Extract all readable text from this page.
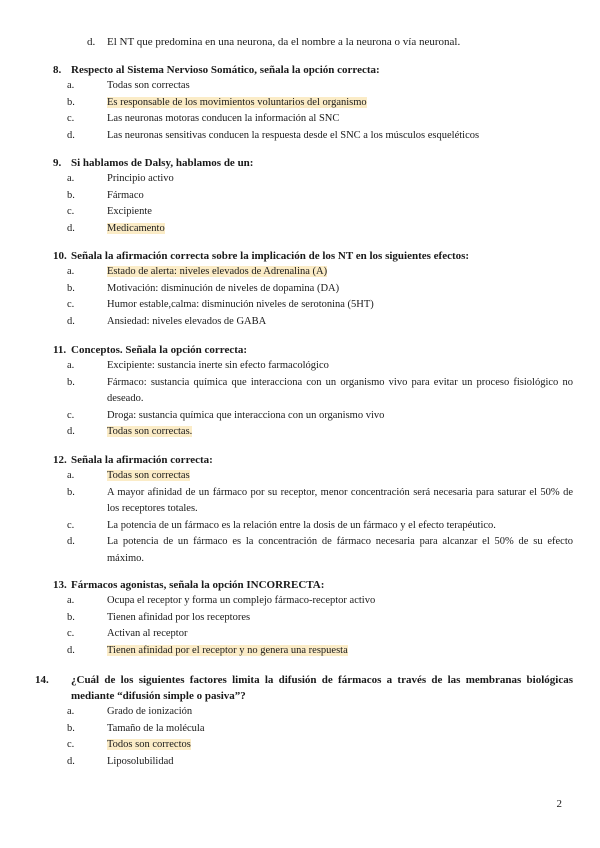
d. El NT que predomina en una neurona, da el nombre a la neurona o vía neuronal.
8. Respecto al Sistema Nervioso Somático, señala la opción correcta:
a.	Todas son correctas
b.	Es responsable de los movimientos voluntarios del organismo
c.	Las neuronas motoras conducen la información al SNC
d.	Las neuronas sensitivas conducen la respuesta desde el SNC a los músculos esqueléticos
9. Si hablamos de Dalsy, hablamos de un:
a.	Principio activo
b.	Fármaco
c.	Excipiente
d.	Medicamento
10. Señala la afirmación correcta sobre la implicación de los NT en los siguientes efectos:
a.	Estado de alerta: niveles elevados de Adrenalina (A)
b.	Motivación: disminución de niveles de dopamina (DA)
c.	Humor estable,calma: disminución niveles de serotonina (5HT)
d.	Ansiedad: niveles elevados de GABA
11. Conceptos. Señala la opción correcta:
a.	Excipiente: sustancia inerte sin efecto farmacológico
b.	Fármaco: sustancia química que interacciona con un organismo vivo para evitar un proceso fisiológico no deseado.
c.	Droga: sustancia química que interacciona con un organismo vivo
d.	Todas son correctas.
12. Señala la afirmación correcta:
a.	Todas son correctas
b.	A mayor afinidad de un fármaco por su receptor, menor concentración será necesaria para saturar el 50% de los receptores totales.
c.	La potencia de un fármaco es la relación entre la dosis de un fármaco y el efecto terapéutico.
d.	La potencia de un fármaco es la concentración de fármaco necesaria para alcanzar el 50% de su efecto máximo.
13. Fármacos agonistas, señala la opción INCORRECTA:
a.	Ocupa el receptor y forma un complejo fármaco-receptor activo
b.	Tienen afinidad por los receptores
c.	Activan al receptor
d.	Tienen afinidad por el receptor y no genera una respuesta
14. ¿Cuál de los siguientes factores limita la difusión de fármacos a través de las membranas biológicas mediante “difusión simple o pasiva”?
a.	Grado de ionización
b.	Tamaño de la molécula
c.	Todos son correctos
d.	Liposolubilidad
2
